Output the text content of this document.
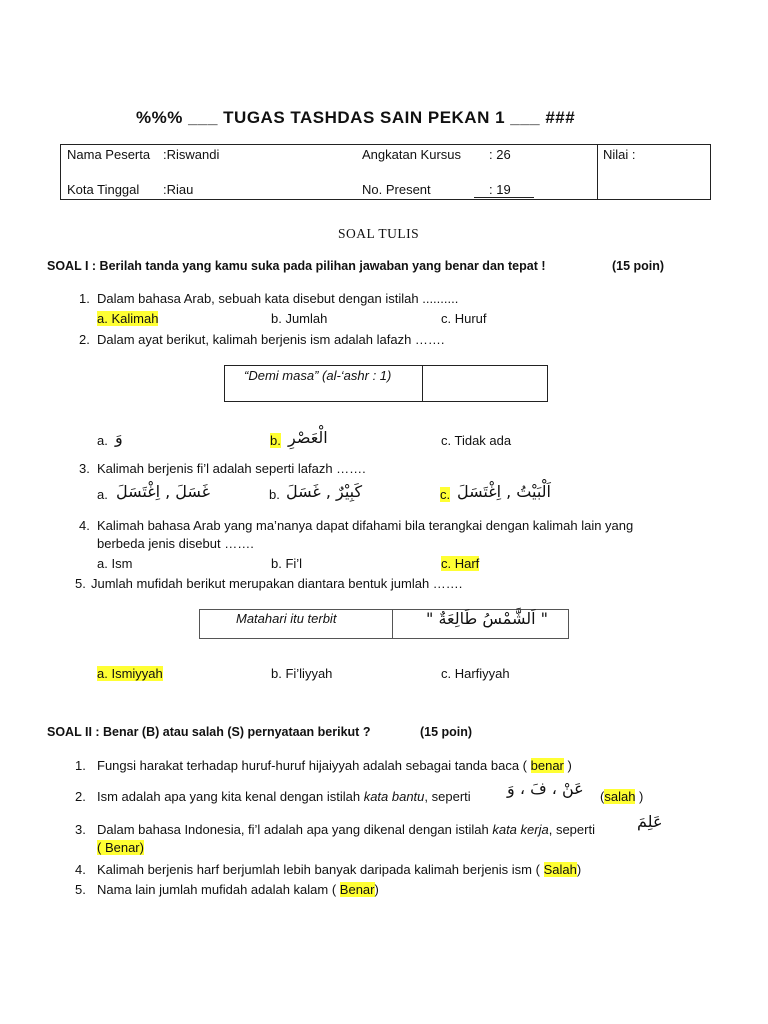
%%% ___ TUGAS TASHDAS SAIN PEKAN 1 ___ ###
Nama Peserta :Riswandi
Kota Tinggal :Riau
Angkatan Kursus : 26
No. Present	: 19
Nilai :
SOAL TULIS
SOAL I : Berilah tanda yang kamu suka pada pilihan jawaban yang benar dan tepat !	(15 poin)
1. Dalam bahasa Arab, sebuah kata disebut dengan istilah ..........
a. Kalimah	b. Jumlah	c. Huruf
2. Dalam ayat berikut, kalimah berjenis ism adalah lafazh …….
“Demi masa” (al-‘ashr : 1)
a. وَ	b. الْعَصْرِ	c. Tidak ada
3. Kalimah berjenis fi’l adalah seperti lafazh …….
a. غَسَلَ , اِغْتَسَلَ	b. كَبِيْرٌ , غَسَلَ	c. اَلْبَيْتُ , اِغْتَسَلَ
4. Kalimah bahasa Arab yang ma’nanya dapat difahami bila terangkai dengan kalimah lain yang
berbeda jenis disebut …….
a. Ism	b. Fi’l	c. Harf
5. Jumlah mufidah berikut merupakan diantara bentuk jumlah …….
Matahari itu terbit	" اَلشَّمْسُ طَالِعَةٌ "
a. Ismiyyah	b. Fi’liyyah	c. Harfiyyah
SOAL II : Benar (B) atau salah (S) pernyataan berikut ?	(15 poin)
1. Fungsi harakat terhadap huruf-huruf hijaiyyah adalah sebagai tanda baca ( benar )
2. Ism adalah apa yang kita kenal dengan istilah kata bantu, seperti عَنْ ، فَ ، وَ (salah )
3. Dalam bahasa Indonesia, fi’l adalah apa yang dikenal dengan istilah kata kerja, seperti	عَلِمَ
( Benar)
4. Kalimah berjenis harf berjumlah lebih banyak daripada kalimah berjenis ism ( Salah)
5. Nama lain jumlah mufidah adalah kalam ( Benar)
